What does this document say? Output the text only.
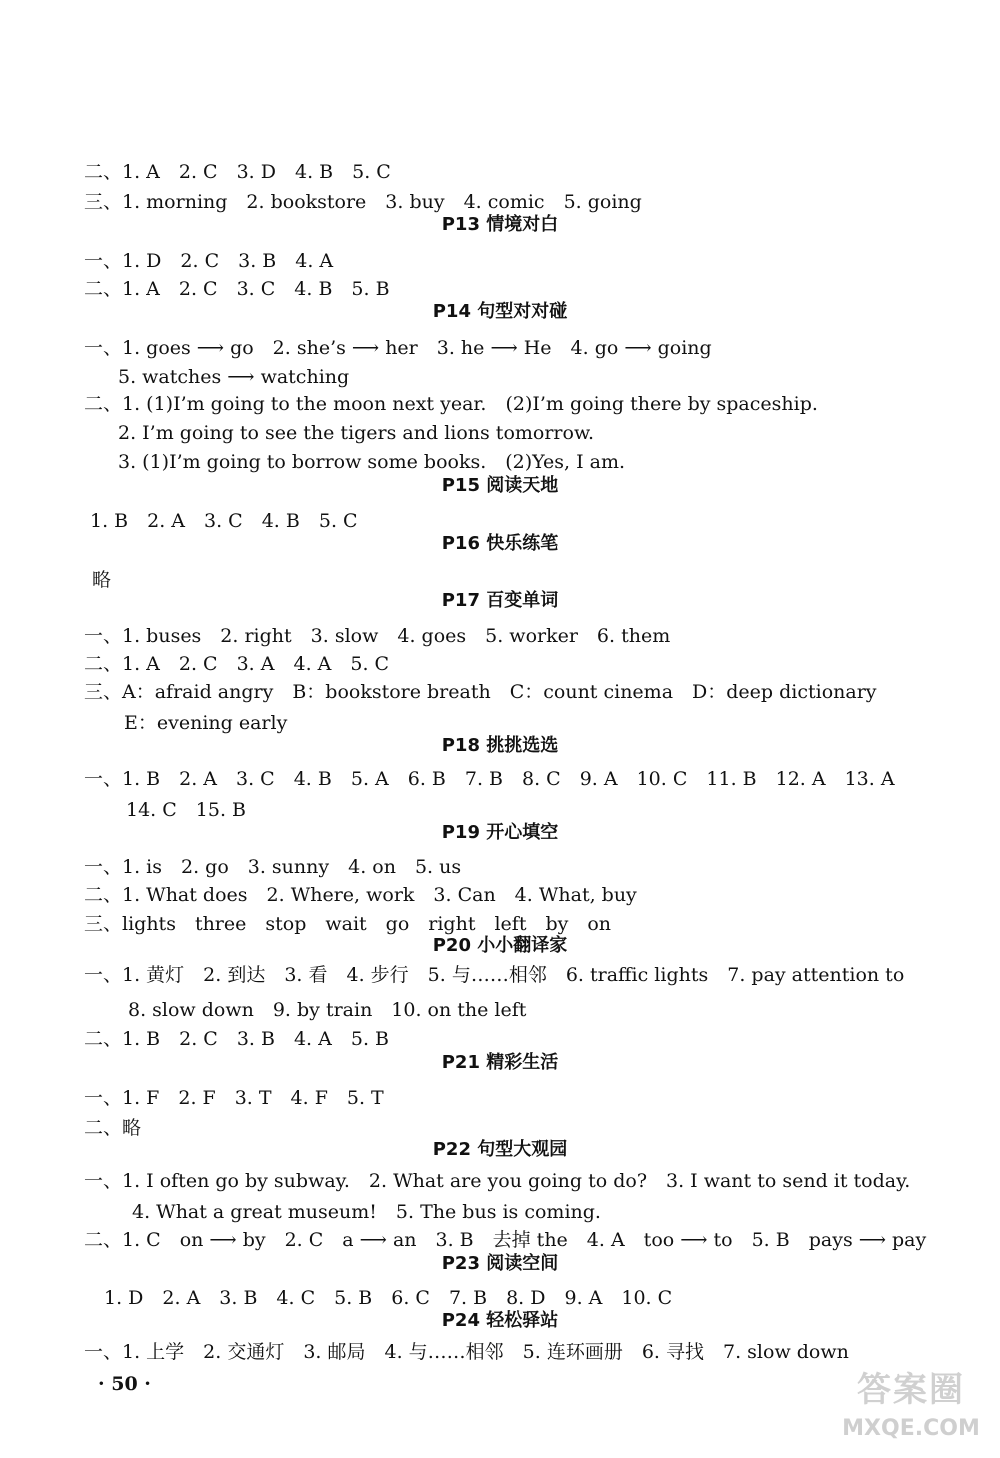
二、1. A　2. C　3. D　4. B　5. C
三、1. morning　2. bookstore　3. buy　4. comic　5. going
P13 情境对白
一、1. D　2. C　3. B　4. A
二、1. A　2. C　3. C　4. B　5. B
P14 句型对对碰
一、1. goes ⟶ go　2. she’s ⟶ her　3. he ⟶ He　4. go ⟶ going
5. watches ⟶ watching
二、1. (1)I’m going to the moon next year.　(2)I’m going there by spaceship.
2. I’m going to see the tigers and lions tomorrow.
3. (1)I’m going to borrow some books.　(2)Yes, I am.
P15 阅读天地
1. B　2. A　3. C　4. B　5. C
P16 快乐练笔
略
P17 百变单词
一、1. buses　2. right　3. slow　4. goes　5. worker　6. them
二、1. A　2. C　3. A　4. A　5. C
三、A：afraid angry　B：bookstore breath　C：count cinema　D：deep dictionary
E：evening early
P18 挑挑选选
一、1. B　2. A　3. C　4. B　5. A　6. B　7. B　8. C　9. A　10. C　11. B　12. A　13. A
14. C　15. B
P19 开心填空
一、1. is　2. go　3. sunny　4. on　5. us
二、1. What does　2. Where, work　3. Can　4. What, buy
三、lights　three　stop　wait　go　right　left　by　on
P20 小小翻译家
一、1. 黄灯　2. 到达　3. 看　4. 步行　5. 与……相邻　6. traffic lights　7. pay attention to
8. slow down　9. by train　10. on the left
二、1. B　2. C　3. B　4. A　5. B
P21 精彩生活
一、1. F　2. F　3. T　4. F　5. T
二、略
P22 句型大观园
一、1. I often go by subway.　2. What are you going to do?　3. I want to send it today.
4. What a great museum!　5. The bus is coming.
二、1. C　on ⟶ by　2. C　a ⟶ an　3. B　去掉 the　4. A　too ⟶ to　5. B　pays ⟶ pay
P23 阅读空间
1. D　2. A　3. B　4. C　5. B　6. C　7. B　8. D　9. A　10. C
P24 轻松驿站
一、1. 上学　2. 交通灯　3. 邮局　4. 与……相邻　5. 连环画册　6. 寻找　7. slow down
· 50 ·	答案圈
MXQE.COM
